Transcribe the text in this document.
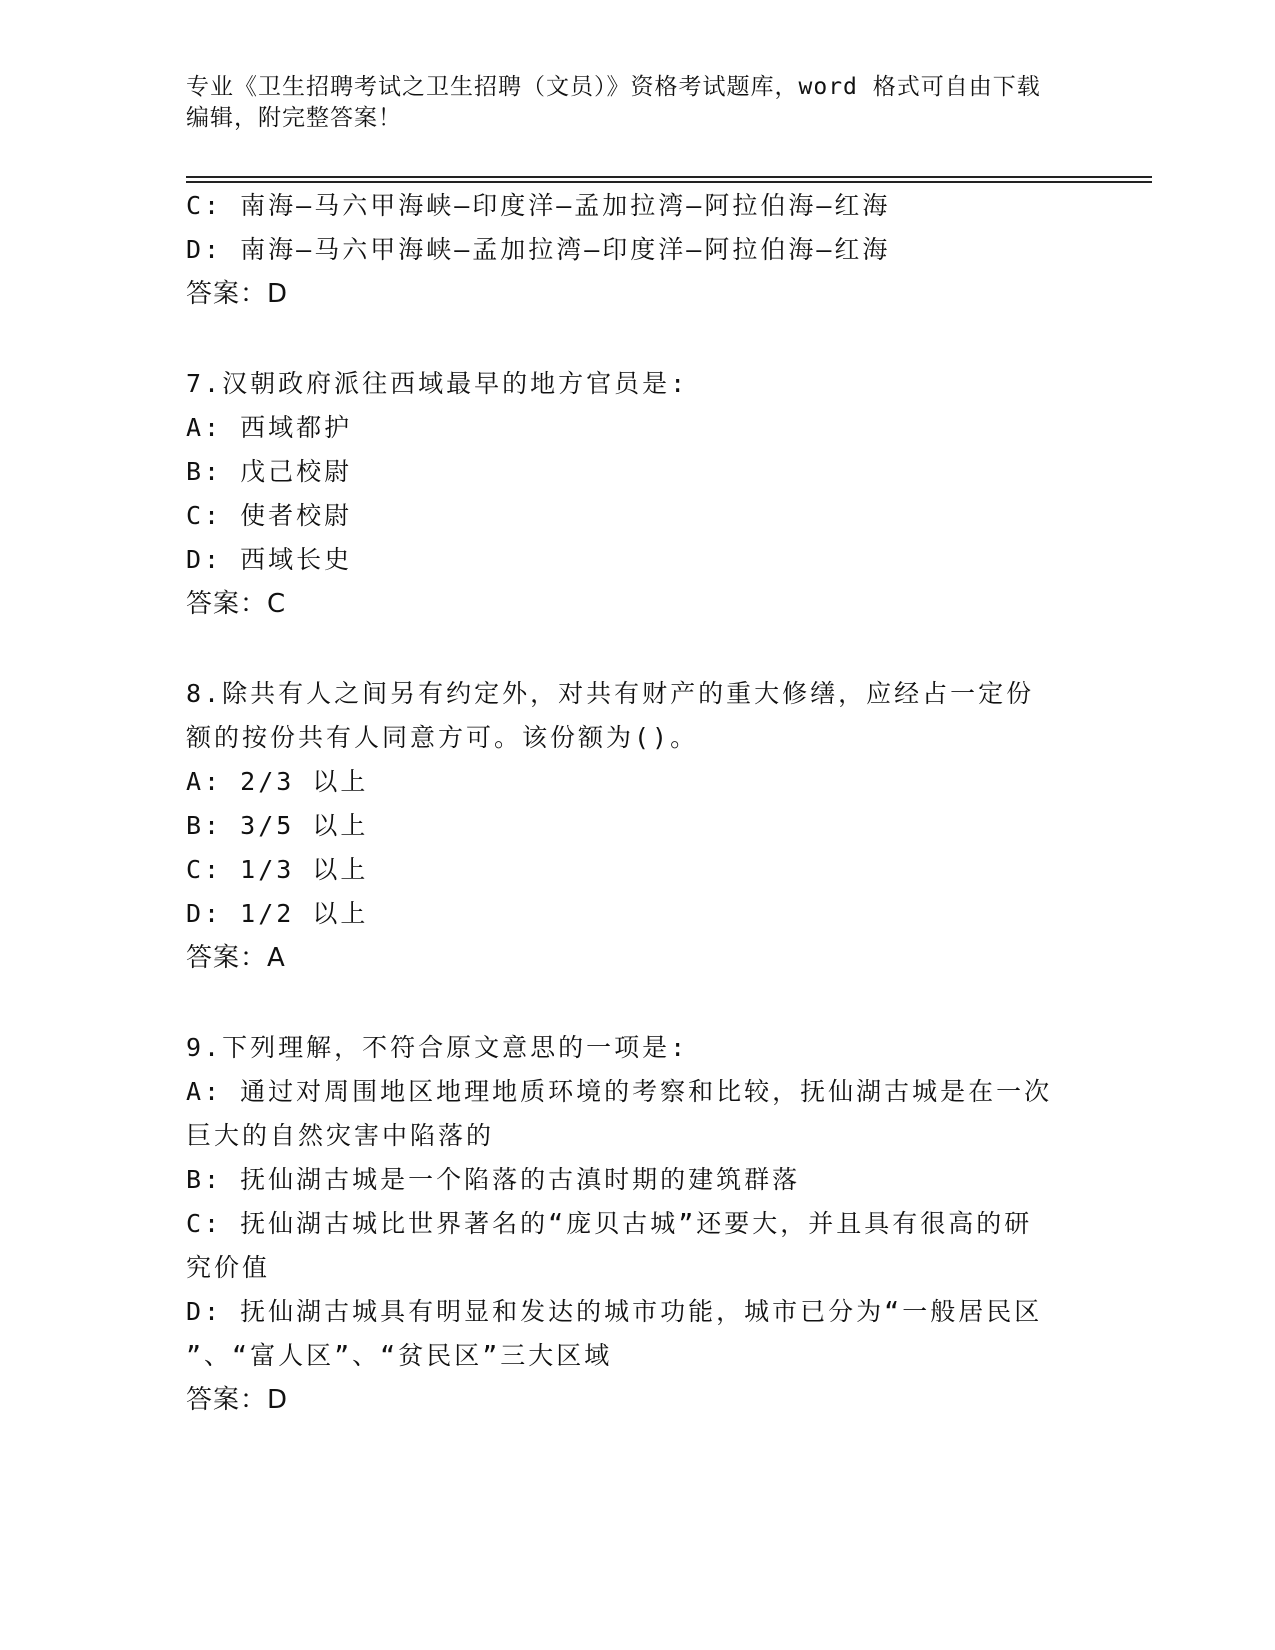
专业《卫生招聘考试之卫生招聘（文员）》资格考试题库，word 格式可自由下载
编辑，附完整答案！
C: 南海—马六甲海峡—印度洋—孟加拉湾—阿拉伯海—红海
D: 南海—马六甲海峡—孟加拉湾—印度洋—阿拉伯海—红海
答案：D
7.汉朝政府派往西域最早的地方官员是:
A: 西域都护
B: 戊己校尉
C: 使者校尉
D: 西域长史
答案：C
8.除共有人之间另有约定外，对共有财产的重大修缮，应经占一定份
额的按份共有人同意方可。该份额为()。
A: 2/3 以上
B: 3/5 以上
C: 1/3 以上
D: 1/2 以上
答案：A
9.下列理解，不符合原文意思的一项是:
A: 通过对周围地区地理地质环境的考察和比较，抚仙湖古城是在一次
巨大的自然灾害中陷落的
B: 抚仙湖古城是一个陷落的古滇时期的建筑群落
C: 抚仙湖古城比世界著名的“庞贝古城”还要大，并且具有很高的研
究价值
D: 抚仙湖古城具有明显和发达的城市功能，城市已分为“一般居民区
”、“富人区”、“贫民区”三大区域
答案：D
